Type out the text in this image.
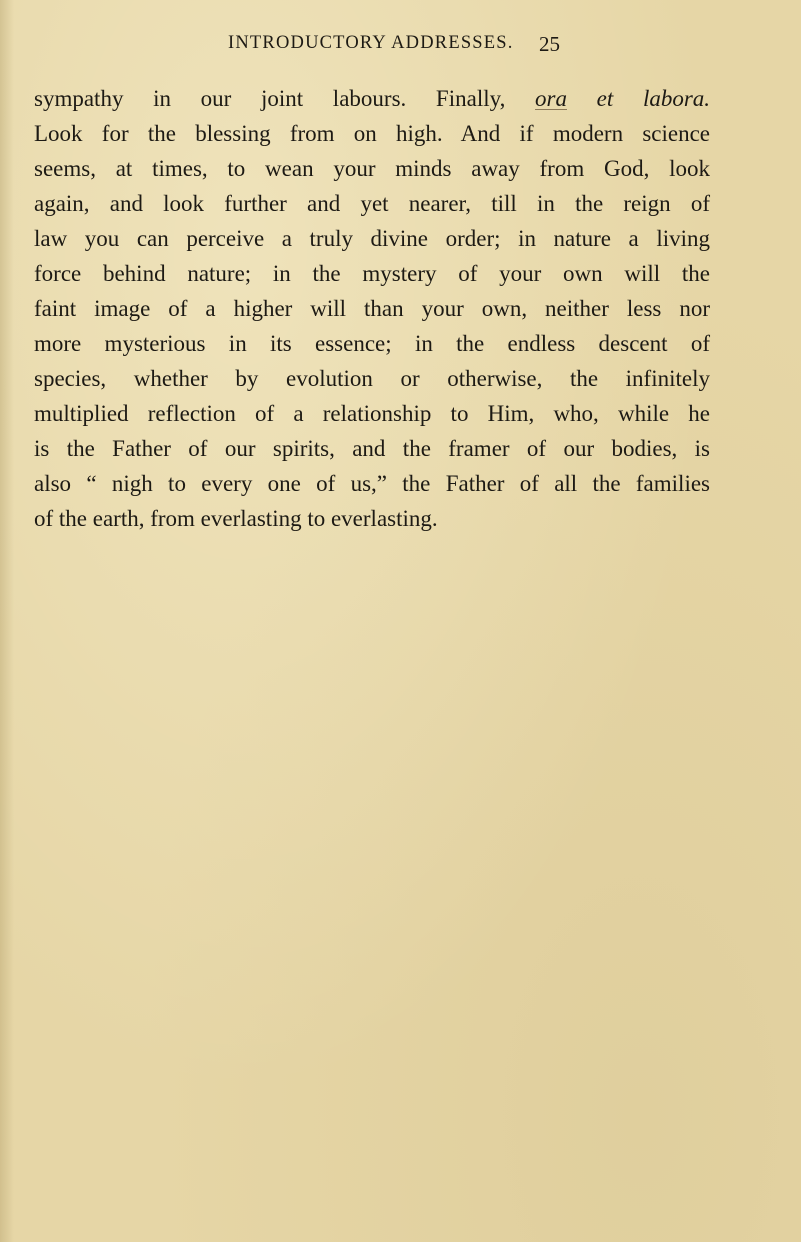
INTRODUCTORY ADDRESSES.	25
sympathy in our joint labours. Finally, ora et labora.
Look for the blessing from on high. And if modern science
seems, at times, to wean your minds away from God, look
again, and look further and yet nearer, till in the reign of
law you can perceive a truly divine order; in nature a living
force behind nature; in the mystery of your own will the
faint image of a higher will than your own, neither less nor
more mysterious in its essence; in the endless descent of
species, whether by evolution or otherwise, the infinitely
multiplied reflection of a relationship to Him, who, while he
is the Father of our spirits, and the framer of our bodies, is
also “ nigh to every one of us,” the Father of all the families
of the earth, from everlasting to everlasting.
